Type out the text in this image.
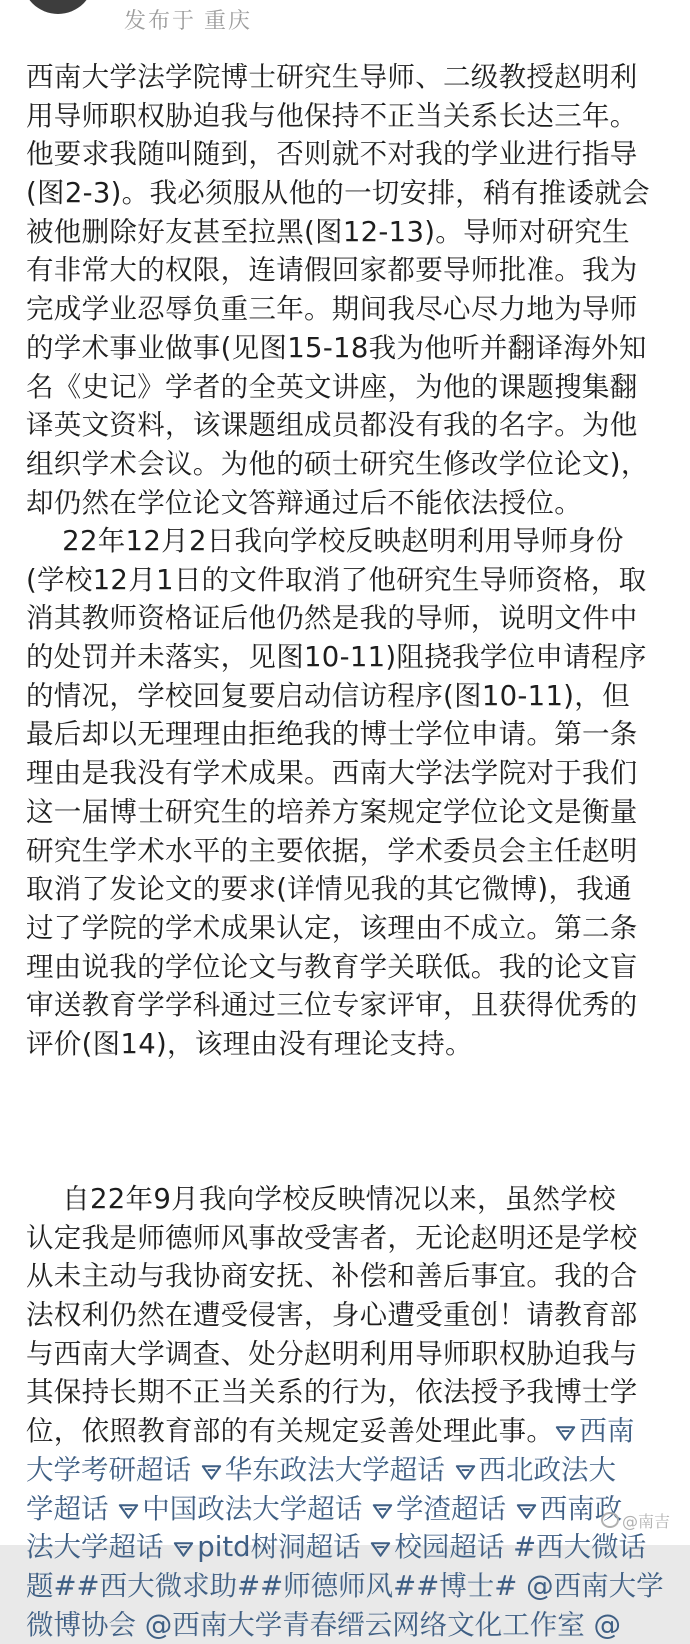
发布于 重庆

西南大学法学院博士研究生导师、二级教授赵明利
用导师职权胁迫我与他保持不正当关系长达三年。
他要求我随叫随到，否则就不对我的学业进行指导
(图2-3)。我必须服从他的一切安排，稍有推诿就会
被他删除好友甚至拉黑(图12-13)。导师对研究生
有非常大的权限，连请假回家都要导师批准。我为
完成学业忍辱负重三年。期间我尽心尽力地为导师
的学术事业做事(见图15-18我为他听并翻译海外知
名《史记》学者的全英文讲座，为他的课题搜集翻
译英文资料，该课题组成员都没有我的名字。为他
组织学术会议。为他的硕士研究生修改学位论文)，
却仍然在学位论文答辩通过后不能依法授位。

22年12月2日我向学校反映赵明利用导师身份
(学校12月1日的文件取消了他研究生导师资格，取
消其教师资格证后他仍然是我的导师，说明文件中
的处罚并未落实，见图10-11)阻挠我学位申请程序
的情况，学校回复要启动信访程序(图10-11)，但
最后却以无理理由拒绝我的博士学位申请。第一条
理由是我没有学术成果。西南大学法学院对于我们
这一届博士研究生的培养方案规定学位论文是衡量
研究生学术水平的主要依据，学术委员会主任赵明
取消了发论文的要求(详情见我的其它微博)，我通
过了学院的学术成果认定，该理由不成立。第二条
理由说我的学位论文与教育学关联低。我的论文盲
审送教育学学科通过三位专家评审，且获得优秀的
评价(图14)，该理由没有理论支持。

自22年9月我向学校反映情况以来，虽然学校
认定我是师德师风事故受害者，无论赵明还是学校
从未主动与我协商安抚、补偿和善后事宜。我的合
法权利仍然在遭受侵害，身心遭受重创！请教育部
与西南大学调查、处分赵明利用导师职权胁迫我与
其保持长期不正当关系的行为，依法授予我博士学
位，依照教育部的有关规定妥善处理此事。 西南
大学考研超话 华东政法大学超话 西北政法大
学超话 中国政法大学超话 学渣超话 西南政
法大学超话 pitd树洞超话 校园超话 #西大微话
题##西大微求助##师德师风##博士# @西南大学
微博协会 @西南大学青春缙云网络文化工作室 @
@南吉
